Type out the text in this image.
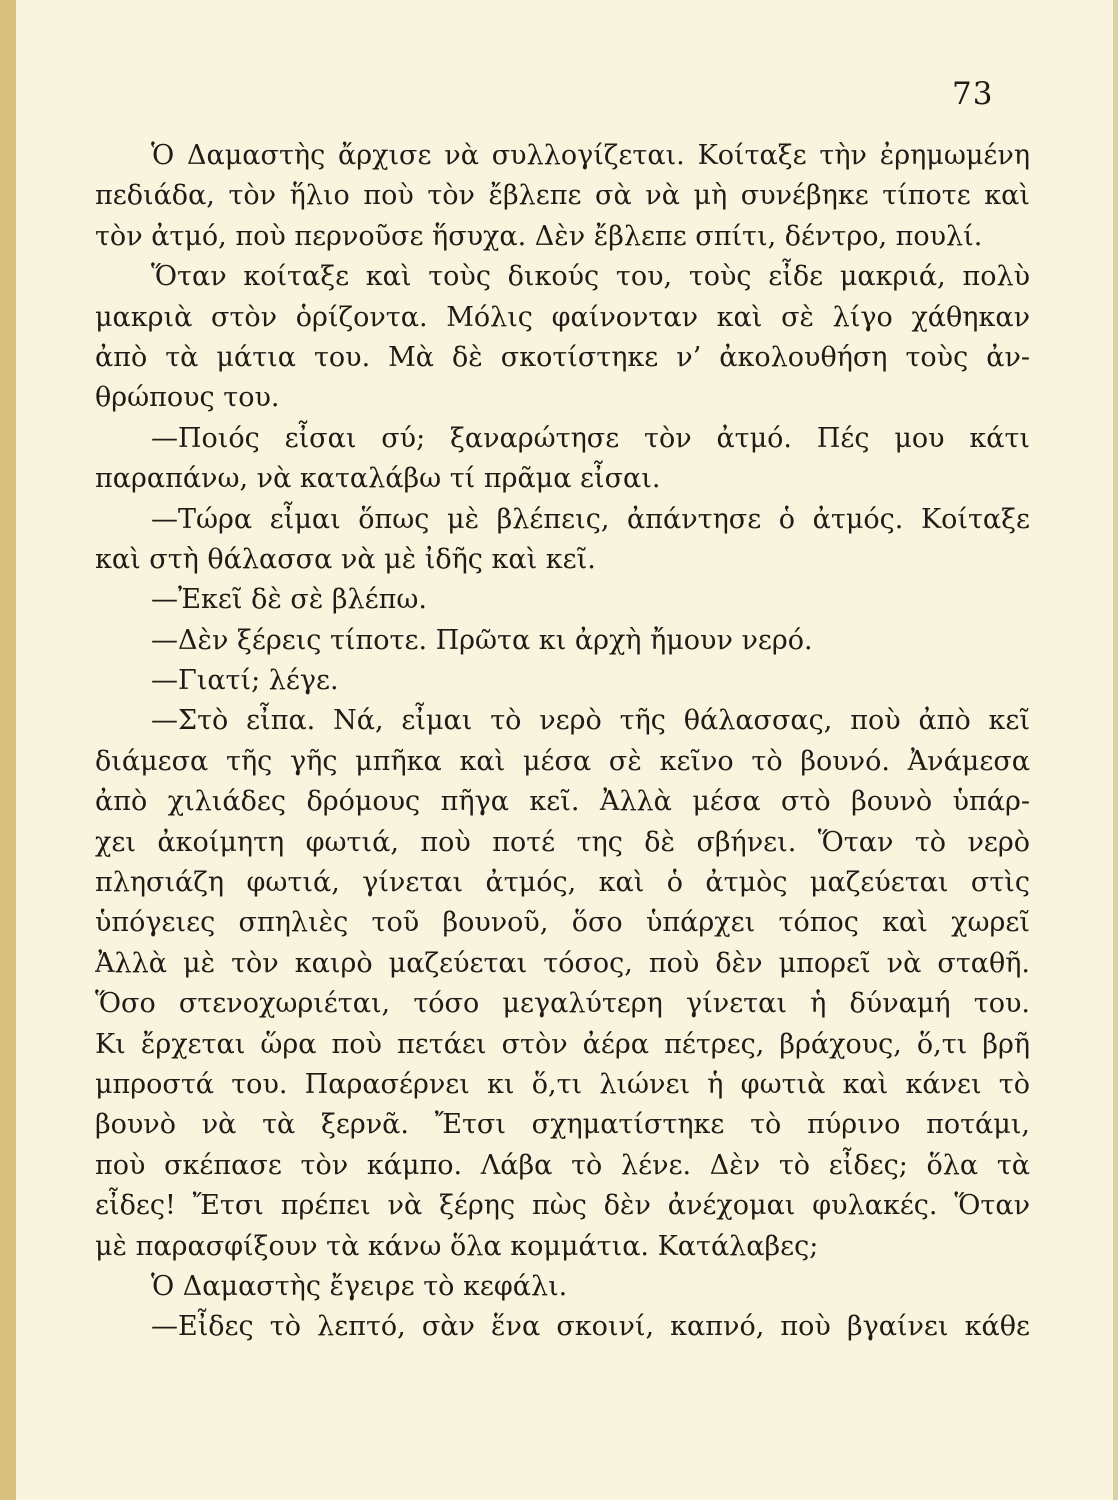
73
Ὁ Δαμαστὴς ἄρχισε νὰ συλλογίζεται. Κοίταξε τὴν ἐρημωμένη
πεδιάδα, τὸν ἥλιο ποὺ τὸν ἔβλεπε σὰ νὰ μὴ συνέβηκε τίποτε καὶ
τὸν ἀτμό, ποὺ περνοῦσε ἥσυχα. Δὲν ἔβλεπε σπίτι, δέντρο, πουλί.
Ὅταν κοίταξε καὶ τοὺς δικούς του, τοὺς εἶδε μακριά, πολὺ
μακριὰ στὸν ὁρίζοντα. Μόλις φαίνονταν καὶ σὲ λίγο χάθηκαν
ἀπὸ τὰ μάτια του. Μὰ δὲ σκοτίστηκε ν’ ἀκολουθήση τοὺς ἀν-
θρώπους του.
—Ποιός εἶσαι σύ; ξαναρώτησε τὸν ἀτμό. Πές μου κάτι
παραπάνω, νὰ καταλάβω τί πρᾶμα εἶσαι.
—Τώρα εἶμαι ὅπως μὲ βλέπεις, ἀπάντησε ὁ ἀτμός. Κοίταξε
καὶ στὴ θάλασσα νὰ μὲ ἰδῆς καὶ κεῖ.
—Ἐκεῖ δὲ σὲ βλέπω.
—Δὲν ξέρεις τίποτε. Πρῶτα κι ἀρχὴ ἤμουν νερό.
—Γιατί; λέγε.
—Στὸ εἶπα. Νά, εἶμαι τὸ νερὸ τῆς θάλασσας, ποὺ ἀπὸ κεῖ
διάμεσα τῆς γῆς μπῆκα καὶ μέσα σὲ κεῖνο τὸ βουνό. Ἀνάμεσα
ἀπὸ χιλιάδες δρόμους πῆγα κεῖ. Ἀλλὰ μέσα στὸ βουνὸ ὑπάρ-
χει ἀκοίμητη φωτιά, ποὺ ποτέ της δὲ σβήνει. Ὅταν τὸ νερὸ
πλησιάζη φωτιά, γίνεται ἀτμός, καὶ ὁ ἀτμὸς μαζεύεται στὶς
ὑπόγειες σπηλιὲς τοῦ βουνοῦ, ὅσο ὑπάρχει τόπος καὶ χωρεῖ
Ἀλλὰ μὲ τὸν καιρὸ μαζεύεται τόσος, ποὺ δὲν μπορεῖ νὰ σταθῆ.
Ὅσο στενοχωριέται, τόσο μεγαλύτερη γίνεται ἡ δύναμή του.
Κι ἔρχεται ὥρα ποὺ πετάει στὸν ἀέρα πέτρες, βράχους, ὅ,τι βρῆ
μπροστά του. Παρασέρνει κι ὅ,τι λιώνει ἡ φωτιὰ καὶ κάνει τὸ
βουνὸ νὰ τὰ ξερνᾶ. Ἔτσι σχηματίστηκε τὸ πύρινο ποτάμι,
ποὺ σκέπασε τὸν κάμπο. Λάβα τὸ λένε. Δὲν τὸ εἶδες; ὅλα τὰ
εἶδες! Ἔτσι πρέπει νὰ ξέρης πὼς δὲν ἀνέχομαι φυλακές. Ὅταν
μὲ παρασφίξουν τὰ κάνω ὅλα κομμάτια. Κατάλαβες;
Ὁ Δαμαστὴς ἔγειρε τὸ κεφάλι.
—Εἶδες τὸ λεπτό, σὰν ἕνα σκοινί, καπνό, ποὺ βγαίνει κάθε
